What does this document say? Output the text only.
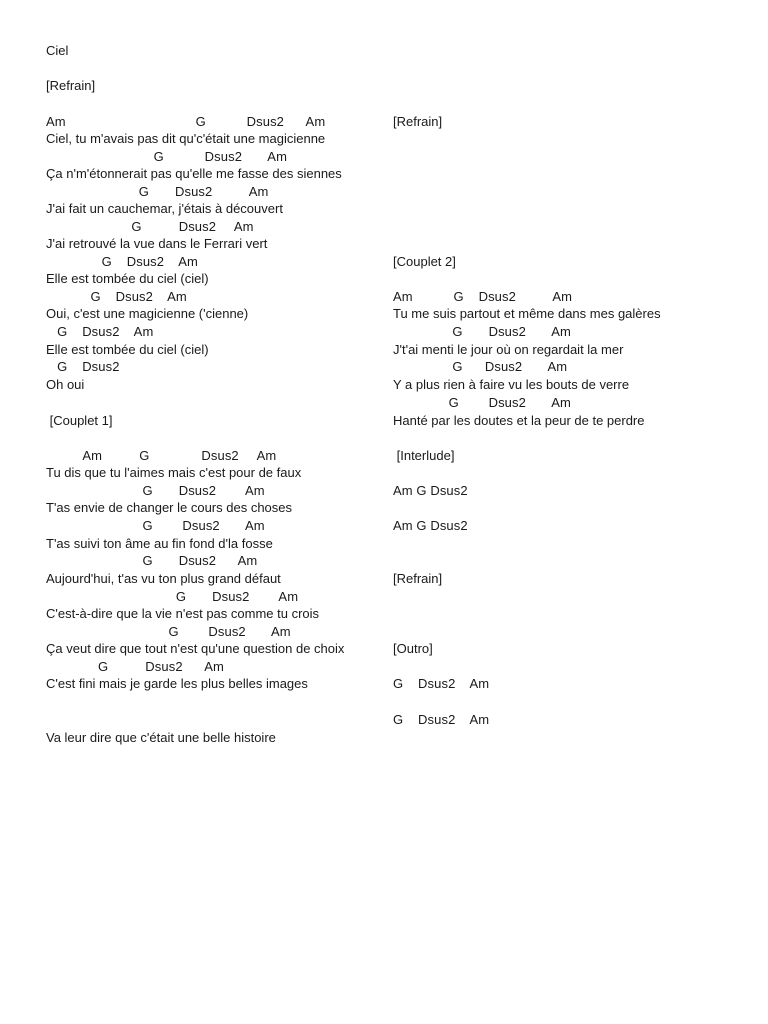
Ciel

[Refrain]

Am                                   G           Dsus2      Am

Ciel, tu m'avais pas dit qu'c'était une magicienne

G           Dsus2       Am

Ça n'm'étonnerait pas qu'elle me fasse des siennes

G       Dsus2          Am

J'ai fait un cauchemar, j'étais à découvert

G          Dsus2     Am

J'ai retrouvé la vue dans le Ferrari vert

G    Dsus2    Am

Elle est tombée du ciel (ciel)

G    Dsus2    Am

Oui, c'est une magicienne ('cienne)

G    Dsus2    Am

Elle est tombée du ciel (ciel)

G    Dsus2

Oh oui

[Couplet 1]

Am          G              Dsus2     Am

Tu dis que tu l'aimes mais c'est pour de faux

G       Dsus2        Am

T'as envie de changer le cours des choses

G        Dsus2       Am

T'as suivi ton âme au fin fond d'la fosse

G       Dsus2      Am

Aujourd'hui, t'as vu ton plus grand défaut

G       Dsus2        Am

C'est-à-dire que la vie n'est pas comme tu crois

G        Dsus2       Am

Ça veut dire que tout n'est qu'une question de choix

G          Dsus2      Am

C'est fini mais je garde les plus belles images

Va leur dire que c'était une belle histoire

[Refrain]

[Couplet 2]

Am           G    Dsus2          Am

Tu me suis partout et même dans mes galères

G       Dsus2       Am

J't'ai menti le jour où on regardait la mer

G      Dsus2       Am

Y a plus rien à faire vu les bouts de verre

G        Dsus2       Am

Hanté par les doutes et la peur de te perdre

[Interlude]

Am G Dsus2

Am G Dsus2

[Refrain]

[Outro]

G    Dsus2    Am

G    Dsus2    Am
